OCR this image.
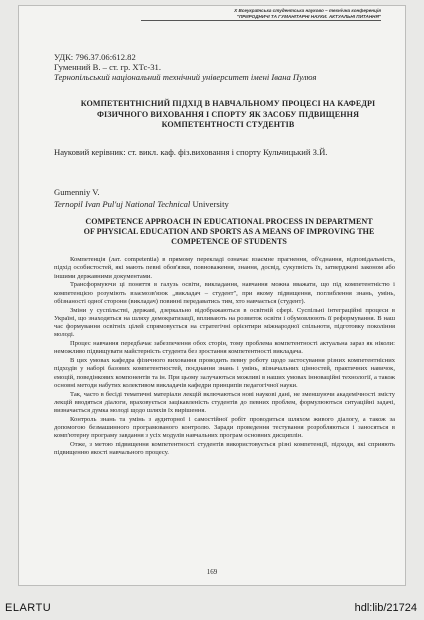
Х Всеукраїнська студентська науково – технічна конференція
"ПРИРОДНИЧІ ТА ГУМАНІТАРНІ НАУКИ. АКТУАЛЬНІ ПИТАННЯ"
УДК: 796.37.06:612.82
Гуменний В. – ст. гр. ХТс-31.
Тернопільський національний технічний університет імені Івана Пулюя
КОМПЕТЕНТНІСНИЙ ПІДХІД В НАВЧАЛЬНОМУ ПРОЦЕСІ НА КАФЕДРІ ФІЗИЧНОГО ВИХОВАННЯ І СПОРТУ ЯК ЗАСОБУ ПІДВИЩЕННЯ КОМПЕТЕНТНОСТІ СТУДЕНТІВ
Науковий керівник: ст. викл. каф. фіз.виховання і спорту Кульчицький З.Й.
Gumenniy V.
Ternopil Ivan Pul'uj National Technical University
COMPETENCE APPROACH IN EDUCATIONAL PROCESS IN DEPARTMENT OF PHYSICAL EDUCATION AND SPORTS AS A MEANS OF IMPROVING THE COMPETENCE OF STUDENTS

Компетенція (лат. competentia) в прямому перекладі означає взаємне прагнення, об'єднання, відповідальність, підхід особистостей, які мають певні обов'язки, повноваження, знання, досвід, сукупність їх, затверджені законом або іншими державними документами.

Трансформуючи ці поняття в галузь освіти, викладання, навчання можна вважати, що під компетентністю і компетенцією розуміють взаємозв'язок „викладач – студент", при якому підвищення, поглиблення знань, умінь, обізнаності одної сторони (викладач) повинні передаватись тим, хто навчається (студент).

Зміни у суспільстві, державі, дзеркально відображаються в освітній сфері. Суспільні інтеграційні процеси в Україні, що знаходяться на шляху демократизації, впливають на розвиток освіти і обумовлюють її реформування. В наш час формування освітніх цілей спрямовується на стратегічні орієнтири міжнародної спільноти, підготовку покоління молоді.

Процес навчання передбачає забезпечення обох сторін, тому проблема компетентності актуальна зараз як ніколи: неможливо підвищувати майстерність студента без зростання компетентності викладача.

В цих умовах кафедра фізичного виховання проводить певну роботу щодо застосування різних компетентнісних підходів у наборі базових компетентностей, поєднання знань і умінь, візначальних цінностей, практичних навичок, емоцій, поведінкових компонентів та ін. При цьому залучаються можливі в наших умовах інноваційні технології, а також основні методи набутих колективом викладачів кафедри принципів педагогічної науки.

Так, часто в бесіді тематичні матеріали лекцій включаються нові наукові дані, не зменшуючи академічності змісту лекцій вводяться діалоги, враховується зацікавленість студентів до певних проблем, формулюються ситуаційні задачі, визначається думка молоді щодо шляхів їх вирішення.

Контроль знань та умінь з аудиторної і самостійної робіт проводиться шляхом живого діалогу, а також за допомогою безмашинного програмованого контролю. Заради проведення тестування розробляються і заносяться в комп'ютерну програму завдання з усіх модулів навчальних програм основних дисциплін.

Отже, з метою підвищення компетентності студентів використовується різні компетенції, підходи, які сприяють підвищенню якості навчального процесу.

169
ELARTU	hdl:lib/21724
